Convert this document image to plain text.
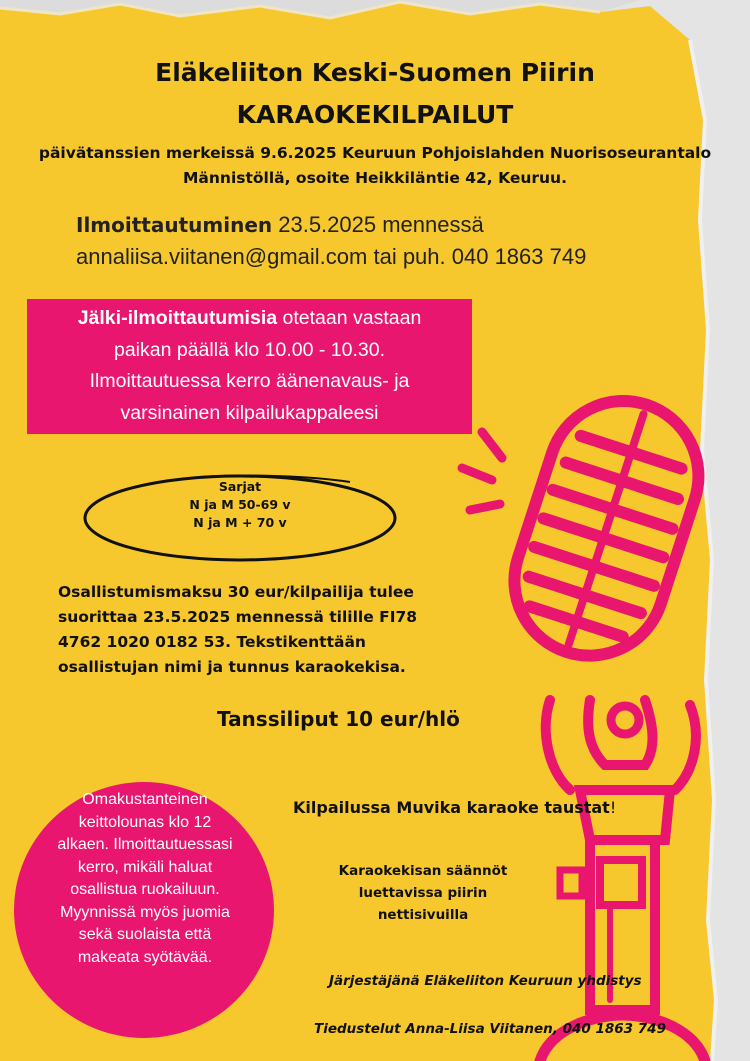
Eläkeliiton Keski-Suomen Piirin
KARAOKEKILPAILUT
päivätanssien merkeissä 9.6.2025 Keuruun Pohjoislahden Nuorisoseurantalo
Männistöllä, osoite Heikkiläntie 42, Keuruu.
Ilmoittautuminen 23.5.2025 mennessä
annaliisa.viitanen@gmail.com tai puh. 040 1863 749
Jälki-ilmoittautumisia otetaan vastaan
paikan päällä klo 10.00 - 10.30.
Ilmoittautuessa kerro äänenavaus- ja
varsinainen kilpailukappaleesi
Sarjat
N ja M 50-69 v
N ja M + 70 v
Osallistumismaksu 30 eur/kilpailija tulee
suorittaa 23.5.2025 mennessä tilille FI78
4762 1020 0182 53. Tekstikenttään
osallistujan nimi ja tunnus karaokekisa.
Tanssiliput 10 eur/hlö
Omakustanteinen
keittolounas klo 12
alkaen. Ilmoittautuessasi
kerro, mikäli haluat
osallistua ruokailuun.
Myynnissä myös juomia
sekä suolaista että
makeata syötävää.
Kilpailussa Muvika karaoke taustat!
Karaokekisan säännöt
luettavissa piirin
nettisivuilla
Järjestäjänä Eläkeliiton Keuruun yhdistys
Tiedustelut Anna-Liisa Viitanen, 040 1863 749
